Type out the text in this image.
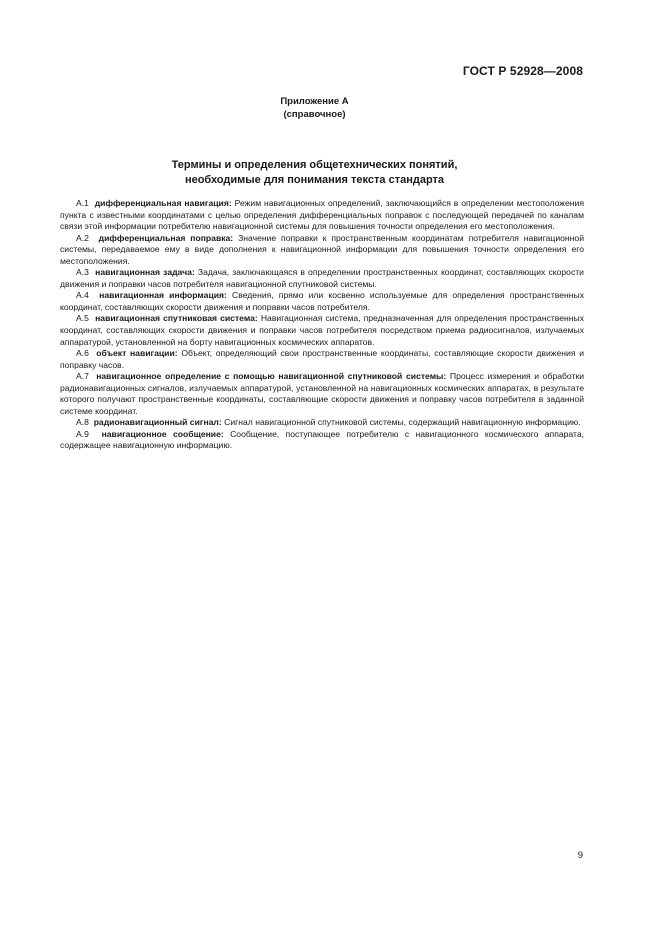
ГОСТ Р 52928—2008
Приложение А
(справочное)
Термины и определения общетехнических понятий,
необходимые для понимания текста стандарта

А.1 дифференциальная навигация: Режим навигационных определений, заключающийся в определении местоположения пункта с известными координатами с целью определения дифференциальных поправок с последующей передачей по каналам связи этой информации потребителю навигационной системы для повышения точности определения его местоположения.

А.2 дифференциальная поправка: Значение поправки к пространственным координатам потребителя навигационной системы, передаваемое ему в виде дополнения к навигационной информации для повышения точности определения его местоположения.

А.3 навигационная задача: Задача, заключающаяся в определении пространственных координат, составляющих скорости движения и поправки часов потребителя навигационной спутниковой системы.

А.4 навигационная информация: Сведения, прямо или косвенно используемые для определения пространственных координат, составляющих скорости движения и поправки часов потребителя.

А.5 навигационная спутниковая система: Навигационная система, предназначенная для определения пространственных координат, составляющих скорости движения и поправки часов потребителя посредством приема радиосигналов, излучаемых аппаратурой, установленной на борту навигационных космических аппаратов.

А.6 объект навигации: Объект, определяющий свои пространственные координаты, составляющие скорости движения и поправку часов.

А.7 навигационное определение с помощью навигационной спутниковой системы: Процесс измерения и обработки радионавигационных сигналов, излучаемых аппаратурой, установленной на навигационных космических аппаратах, в результате которого получают пространственные координаты, составляющие скорости движения и поправку часов потребителя в заданной системе координат.

А.8 радионавигационный сигнал: Сигнал навигационной спутниковой системы, содержащий навигационную информацию.

А.9 навигационное сообщение: Сообщение, поступающее потребителю с навигационного космического аппарата, содержащее навигационную информацию.

9
